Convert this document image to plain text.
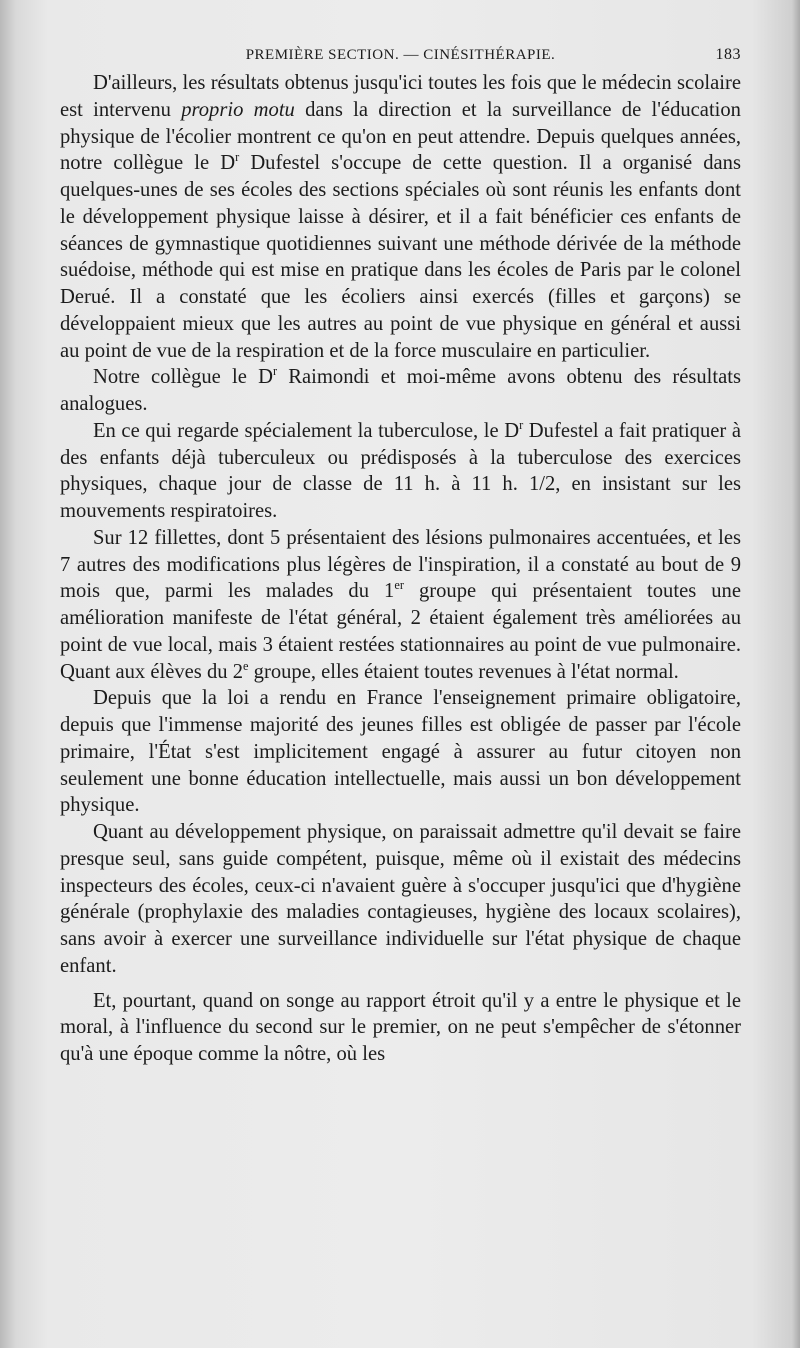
PREMIÈRE SECTION. — CINÉSITHÉRAPIE.	183

D'ailleurs, les résultats obtenus jusqu'ici toutes les fois que le médecin scolaire est intervenu proprio motu dans la direction et la surveillance de l'éducation physique de l'écolier montrent ce qu'on en peut attendre. Depuis quelques années, notre collègue le $D^r$ Dufestel s'occupe de cette question. Il a organisé dans quelques-unes de ses écoles des sections spéciales où sont réunis les enfants dont le développement physique laisse à désirer, et il a fait bénéficier ces enfants de séances de gymnastique quotidiennes suivant une méthode dérivée de la méthode suédoise, méthode qui est mise en pratique dans les écoles de Paris par le colonel Derué. Il a constaté que les écoliers ainsi exercés (filles et garçons) se développaient mieux que les autres au point de vue physique en général et aussi au point de vue de la respiration et de la force musculaire en particulier.

Notre collègue le $D^r$ Raimondi et moi-même avons obtenu des résultats analogues.

En ce qui regarde spécialement la tuberculose, le $D^r$ Dufestel a fait pratiquer à des enfants déjà tuberculeux ou prédisposés à la tuberculose des exercices physiques, chaque jour de classe de 11 h. à 11 h. 1/2, en insistant sur les mouvements respiratoires.

Sur 12 fillettes, dont 5 présentaient des lésions pulmonaires accentuées, et les 7 autres des modifications plus légères de l'inspiration, il a constaté au bout de 9 mois que, parmi les malades du 1er groupe qui présentaient toutes une amélioration manifeste de l'état général, 2 étaient également très améliorées au point de vue local, mais 3 étaient restées stationnaires au point de vue pulmonaire. Quant aux élèves du 2e groupe, elles étaient toutes revenues à l'état normal.

Depuis que la loi a rendu en France l'enseignement primaire obligatoire, depuis que l'immense majorité des jeunes filles est obligée de passer par l'école primaire, l'État s'est implicitement engagé à assurer au futur citoyen non seulement une bonne éducation intellectuelle, mais aussi un bon développement physique.

Quant au développement physique, on paraissait admettre qu'il devait se faire presque seul, sans guide compétent, puisque, même où il existait des médecins inspecteurs des écoles, ceux-ci n'avaient guère à s'occuper jusqu'ici que d'hygiène générale (prophylaxie des maladies contagieuses, hygiène des locaux scolaires), sans avoir à exercer une surveillance individuelle sur l'état physique de chaque enfant.

Et, pourtant, quand on songe au rapport étroit qu'il y a entre le physique et le moral, à l'influence du second sur le premier, on ne peut s'empêcher de s'étonner qu'à une époque comme la nôtre, où les
